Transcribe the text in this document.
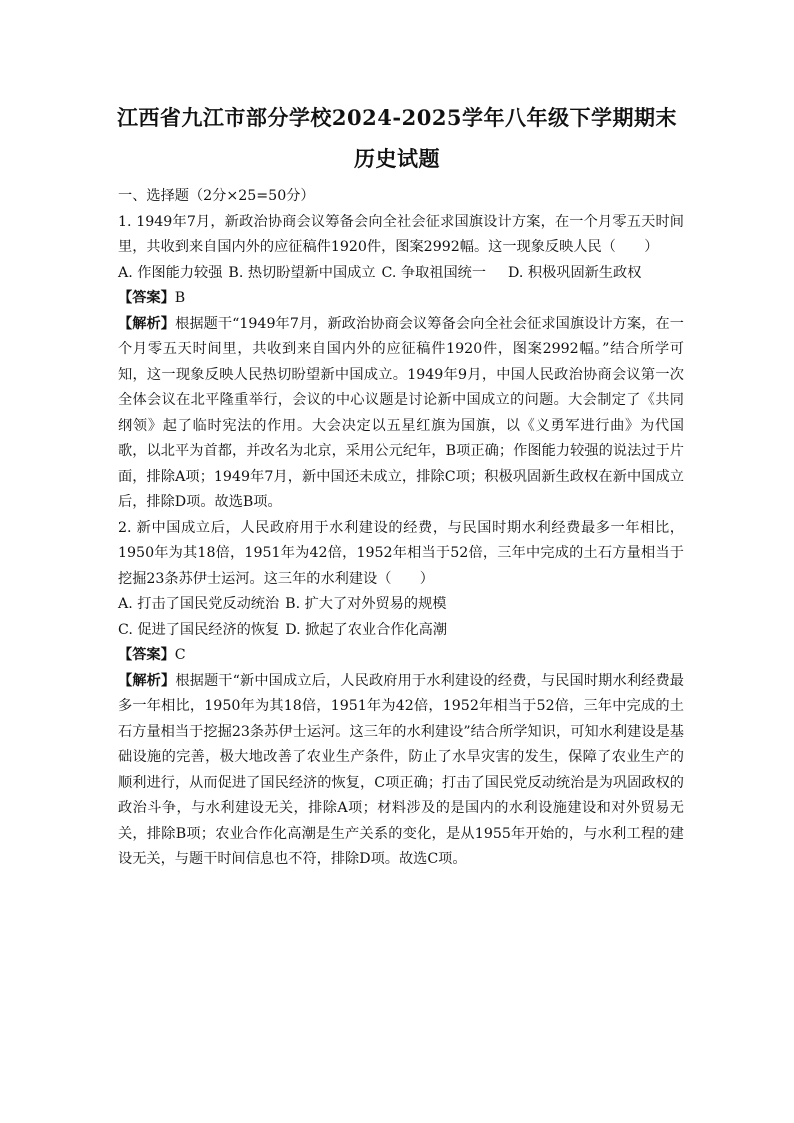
江西省九江市部分学校2024-2025学年八年级下学期期末
历史试题

一、选择题（2分×25=50分）

1. 1949年7月，新政治协商会议筹备会向全社会征求国旗设计方案，在一个月零五天时间里，共收到来自国内外的应征稿件1920件，图案2992幅。这一现象反映人民（　　）

A. 作图能力较强 B. 热切盼望新中国成立 C. 争取祖国统一 D. 积极巩固新生政权

【答案】B

【解析】根据题干“1949年7月，新政治协商会议筹备会向全社会征求国旗设计方案，在一个月零五天时间里，共收到来自国内外的应征稿件1920件，图案2992幅。”结合所学可知，这一现象反映人民热切盼望新中国成立。1949年9月，中国人民政治协商会议第一次全体会议在北平隆重举行，会议的中心议题是讨论新中国成立的问题。大会制定了《共同纲领》起了临时宪法的作用。大会决定以五星红旗为国旗，以《义勇军进行曲》为代国歌，以北平为首都，并改名为北京，采用公元纪年，B项正确；作图能力较强的说法过于片面，排除A项；1949年7月，新中国还未成立，排除C项；积极巩固新生政权在新中国成立后，排除D项。故选B项。

2. 新中国成立后，人民政府用于水利建设的经费，与民国时期水利经费最多一年相比，1950年为其18倍，1951年为42倍，1952年相当于52倍，三年中完成的土石方量相当于挖掘23条苏伊士运河。这三年的水利建设（　　）

A. 打击了国民党反动统治 B. 扩大了对外贸易的规模

C. 促进了国民经济的恢复 D. 掀起了农业合作化高潮

【答案】C

【解析】根据题干“新中国成立后，人民政府用于水利建设的经费，与民国时期水利经费最多一年相比，1950年为其18倍，1951年为42倍，1952年相当于52倍，三年中完成的土石方量相当于挖掘23条苏伊士运河。这三年的水利建设”结合所学知识，可知水利建设是基础设施的完善，极大地改善了农业生产条件，防止了水旱灾害的发生，保障了农业生产的顺利进行，从而促进了国民经济的恢复，C项正确；打击了国民党反动统治是为巩固政权的政治斗争，与水利建设无关，排除A项；材料涉及的是国内的水利设施建设和对外贸易无关，排除B项；农业合作化高潮是生产关系的变化，是从1955年开始的，与水利工程的建设无关，与题干时间信息也不符，排除D项。故选C项。
